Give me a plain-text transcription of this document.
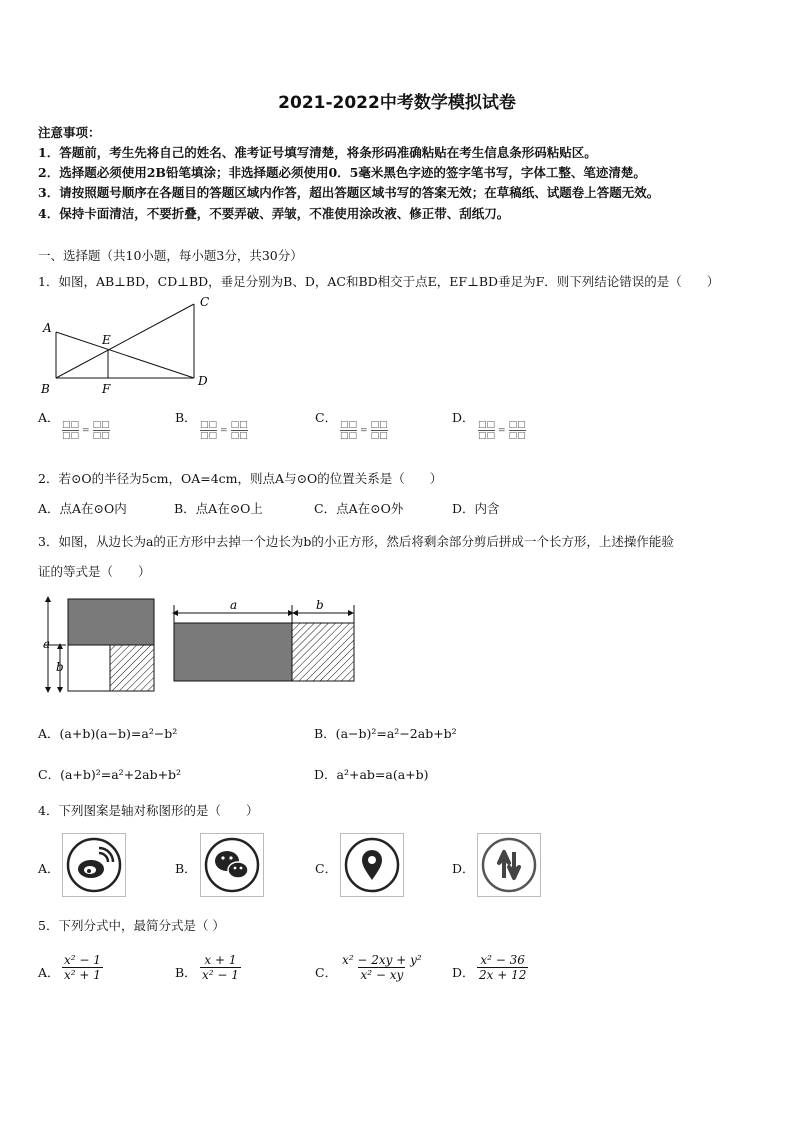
2021-2022中考数学模拟试卷
注意事项：
1．答题前，考生先将自己的姓名、准考证号填写清楚，将条形码准确粘贴在考生信息条形码粘贴区。
2．选择题必须使用2B铅笔填涂；非选择题必须使用0．5毫米黑色字迹的签字笔书写，字体工整、笔迹清楚。
3．请按照题号顺序在各题目的答题区域内作答，超出答题区域书写的答案无效；在草稿纸、试题卷上答题无效。
4．保持卡面清洁，不要折叠，不要弄破、弄皱，不准使用涂改液、修正带、刮纸刀。
一、选择题（共10小题，每小题3分，共30分）
1．如图，AB⊥BD，CD⊥BD，垂足分别为B、D，AC和BD相交于点E，EF⊥BD垂足为F．则下列结论错误的是（　　）
A
B
C
D
E
F
A．	B．	C．	D．
□□
□□
=
□□
□□
□□
□□
=
□□
□□
□□
□□
=
□□
□□
□□
□□
=
□□
□□
2．若⊙O的半径为5cm，OA=4cm，则点A与⊙O的位置关系是（　　）
A．点A在⊙O内	B．点A在⊙O上	C．点A在⊙O外	D．内含
3．如图，从边长为a的正方形中去掉一个边长为b的小正方形，然后将剩余部分剪后拼成一个长方形，上述操作能验
证的等式是（　　）
a
b
a	b
A．(a+b)(a−b)=a²−b²	B．(a−b)²=a²−2ab+b²
C．(a+b)²=a²+2ab+b²	D．a²+ab=a(a+b)
4．下列图案是轴对称图形的是（　　）
A．	B．	C．	D．
5．下列分式中，最简分式是（ ）
A． $\frac{\text{x² − 1}}{\text{x² + 1}}$	B． $\frac{x + 1}{\text{x² − 1}}$	C． $\frac{\text{x² − 2xy + y²}}{\text{x² − xy}}$ D． $\frac{\text{x² − 36}}{2x + 12}$
